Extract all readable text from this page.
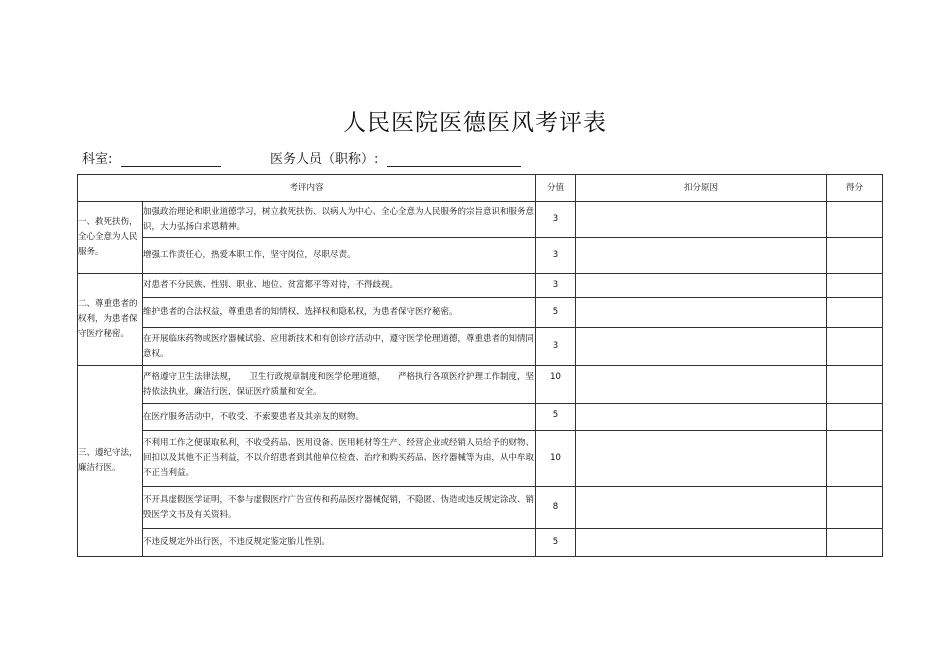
人民医院医德医风考评表
科室:	医务人员（职称）:
考评内容		分值	扣分原因	得分
一、救死扶伤，全心全意为人民服务。	加强政治理论和职业道德学习，树立救死扶伤、以病人为中心、全心全意为人民服务的宗旨意识和服务意识，大力弘扬白求恩精神。	3		
	增强工作责任心，热爱本职工作，坚守岗位，尽职尽责。	3		
二、尊重患者的权利，为患者保守医疗秘密。	对患者不分民族、性别、职业、地位、贫富都平等对待，不得歧视。	3		
	维护患者的合法权益，尊重患者的知情权、选择权和隐私权，为患者保守医疗秘密。	5		
	在开展临床药物或医疗器械试验、应用新技术和有创诊疗活动中，遵守医学伦理道德，尊重患者的知情同意权。	3		
三、遵纪守法，廉洁行医。	严格遵守卫生法律法规，　　卫生行政规章制度和医学伦理道德，　　严格执行各项医疗护理工作制度，坚持依法执业，廉洁行医，保证医疗质量和安全。	10		
	在医疗服务活动中，不收受、不索要患者及其亲友的财物。	5		
	不利用工作之便谋取私利，不收受药品、医用设备、医用耗材等生产、经营企业或经销人员给予的财物、回扣以及其他不正当利益，不以介绍患者到其他单位检查、治疗和购买药品、医疗器械等为由，从中牟取不正当利益。	10		
	不开具虚假医学证明，不参与虚假医疗广告宣传和药品医疗器械促销，不隐匿、伪造或违反规定涂改、销毁医学文书及有关资料。	8		
	不违反规定外出行医，不违反规定鉴定胎儿性别。	5		
